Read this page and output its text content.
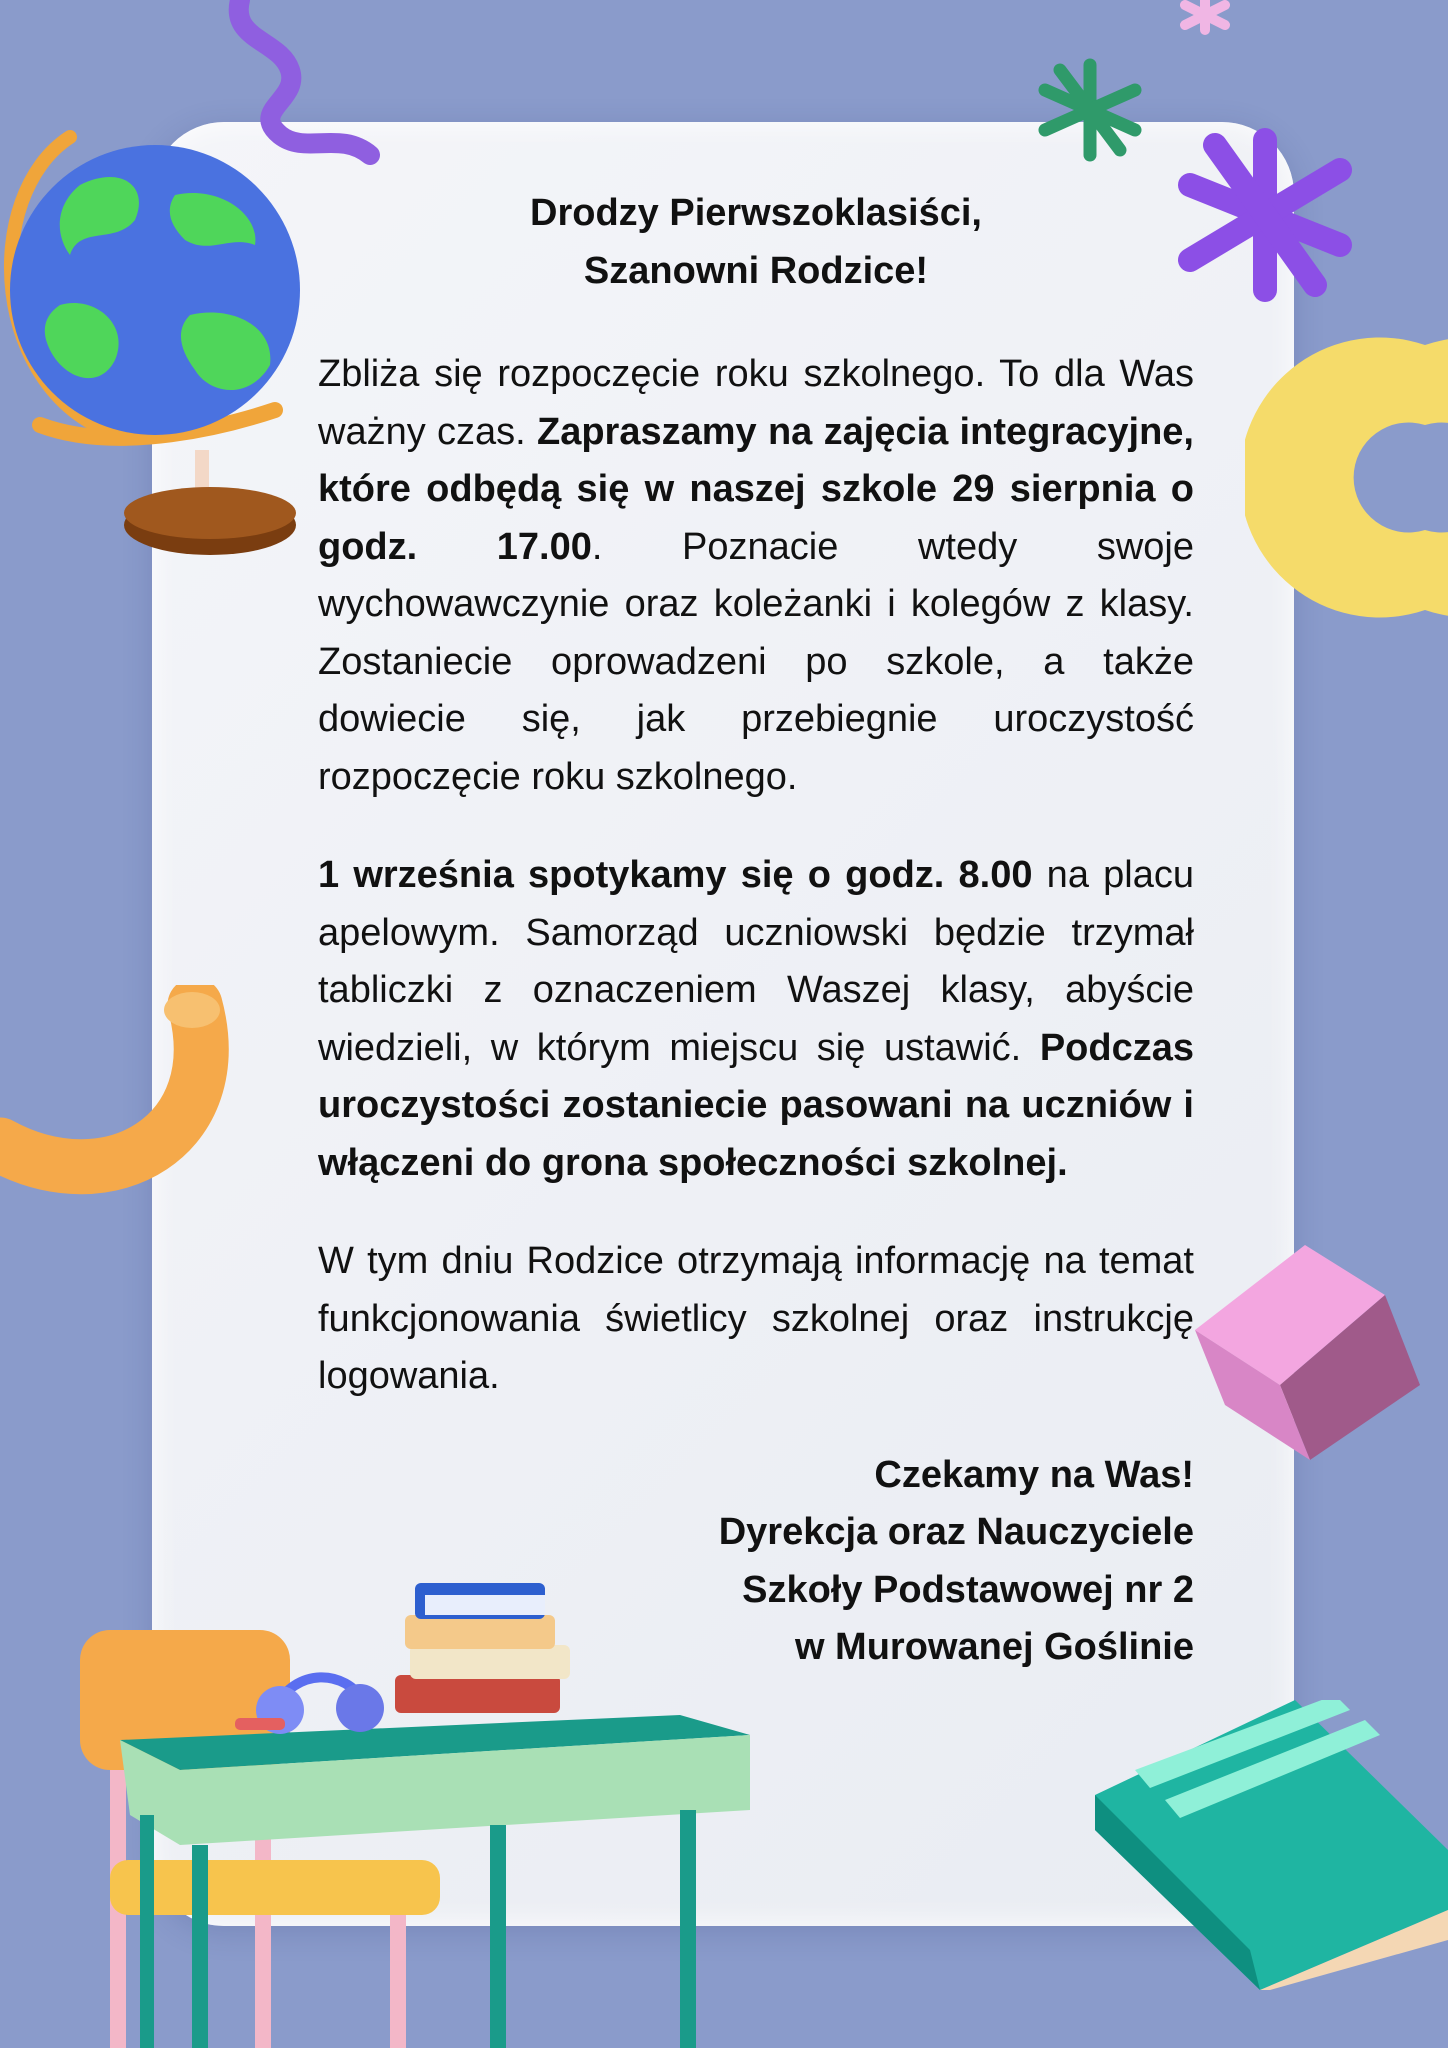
Drodzy Pierwszoklasiści,
Szanowni Rodzice!

Zbliża się rozpoczęcie roku szkolnego. To dla Was ważny czas. Zapraszamy na zajęcia integracyjne, które odbędą się w naszej szkole 29 sierpnia o godz. 17.00. Poznacie wtedy swoje wychowawczynie oraz koleżanki i kolegów z klasy. Zostaniecie oprowadzeni po szkole, a także dowiecie się, jak przebiegnie uroczystość rozpoczęcie roku szkolnego.

1 września spotykamy się o godz. 8.00 na placu apelowym. Samorząd uczniowski będzie trzymał tabliczki z oznaczeniem Waszej klasy, abyście wiedzieli, w którym miejscu się ustawić. Podczas uroczystości zostaniecie pasowani na uczniów i włączeni do grona społeczności szkolnej.

W tym dniu Rodzice otrzymają informację na temat funkcjonowania świetlicy szkolnej oraz instrukcję logowania.

Czekamy na Was!
Dyrekcja oraz Nauczyciele
Szkoły Podstawowej nr 2
w Murowanej Goślinie
